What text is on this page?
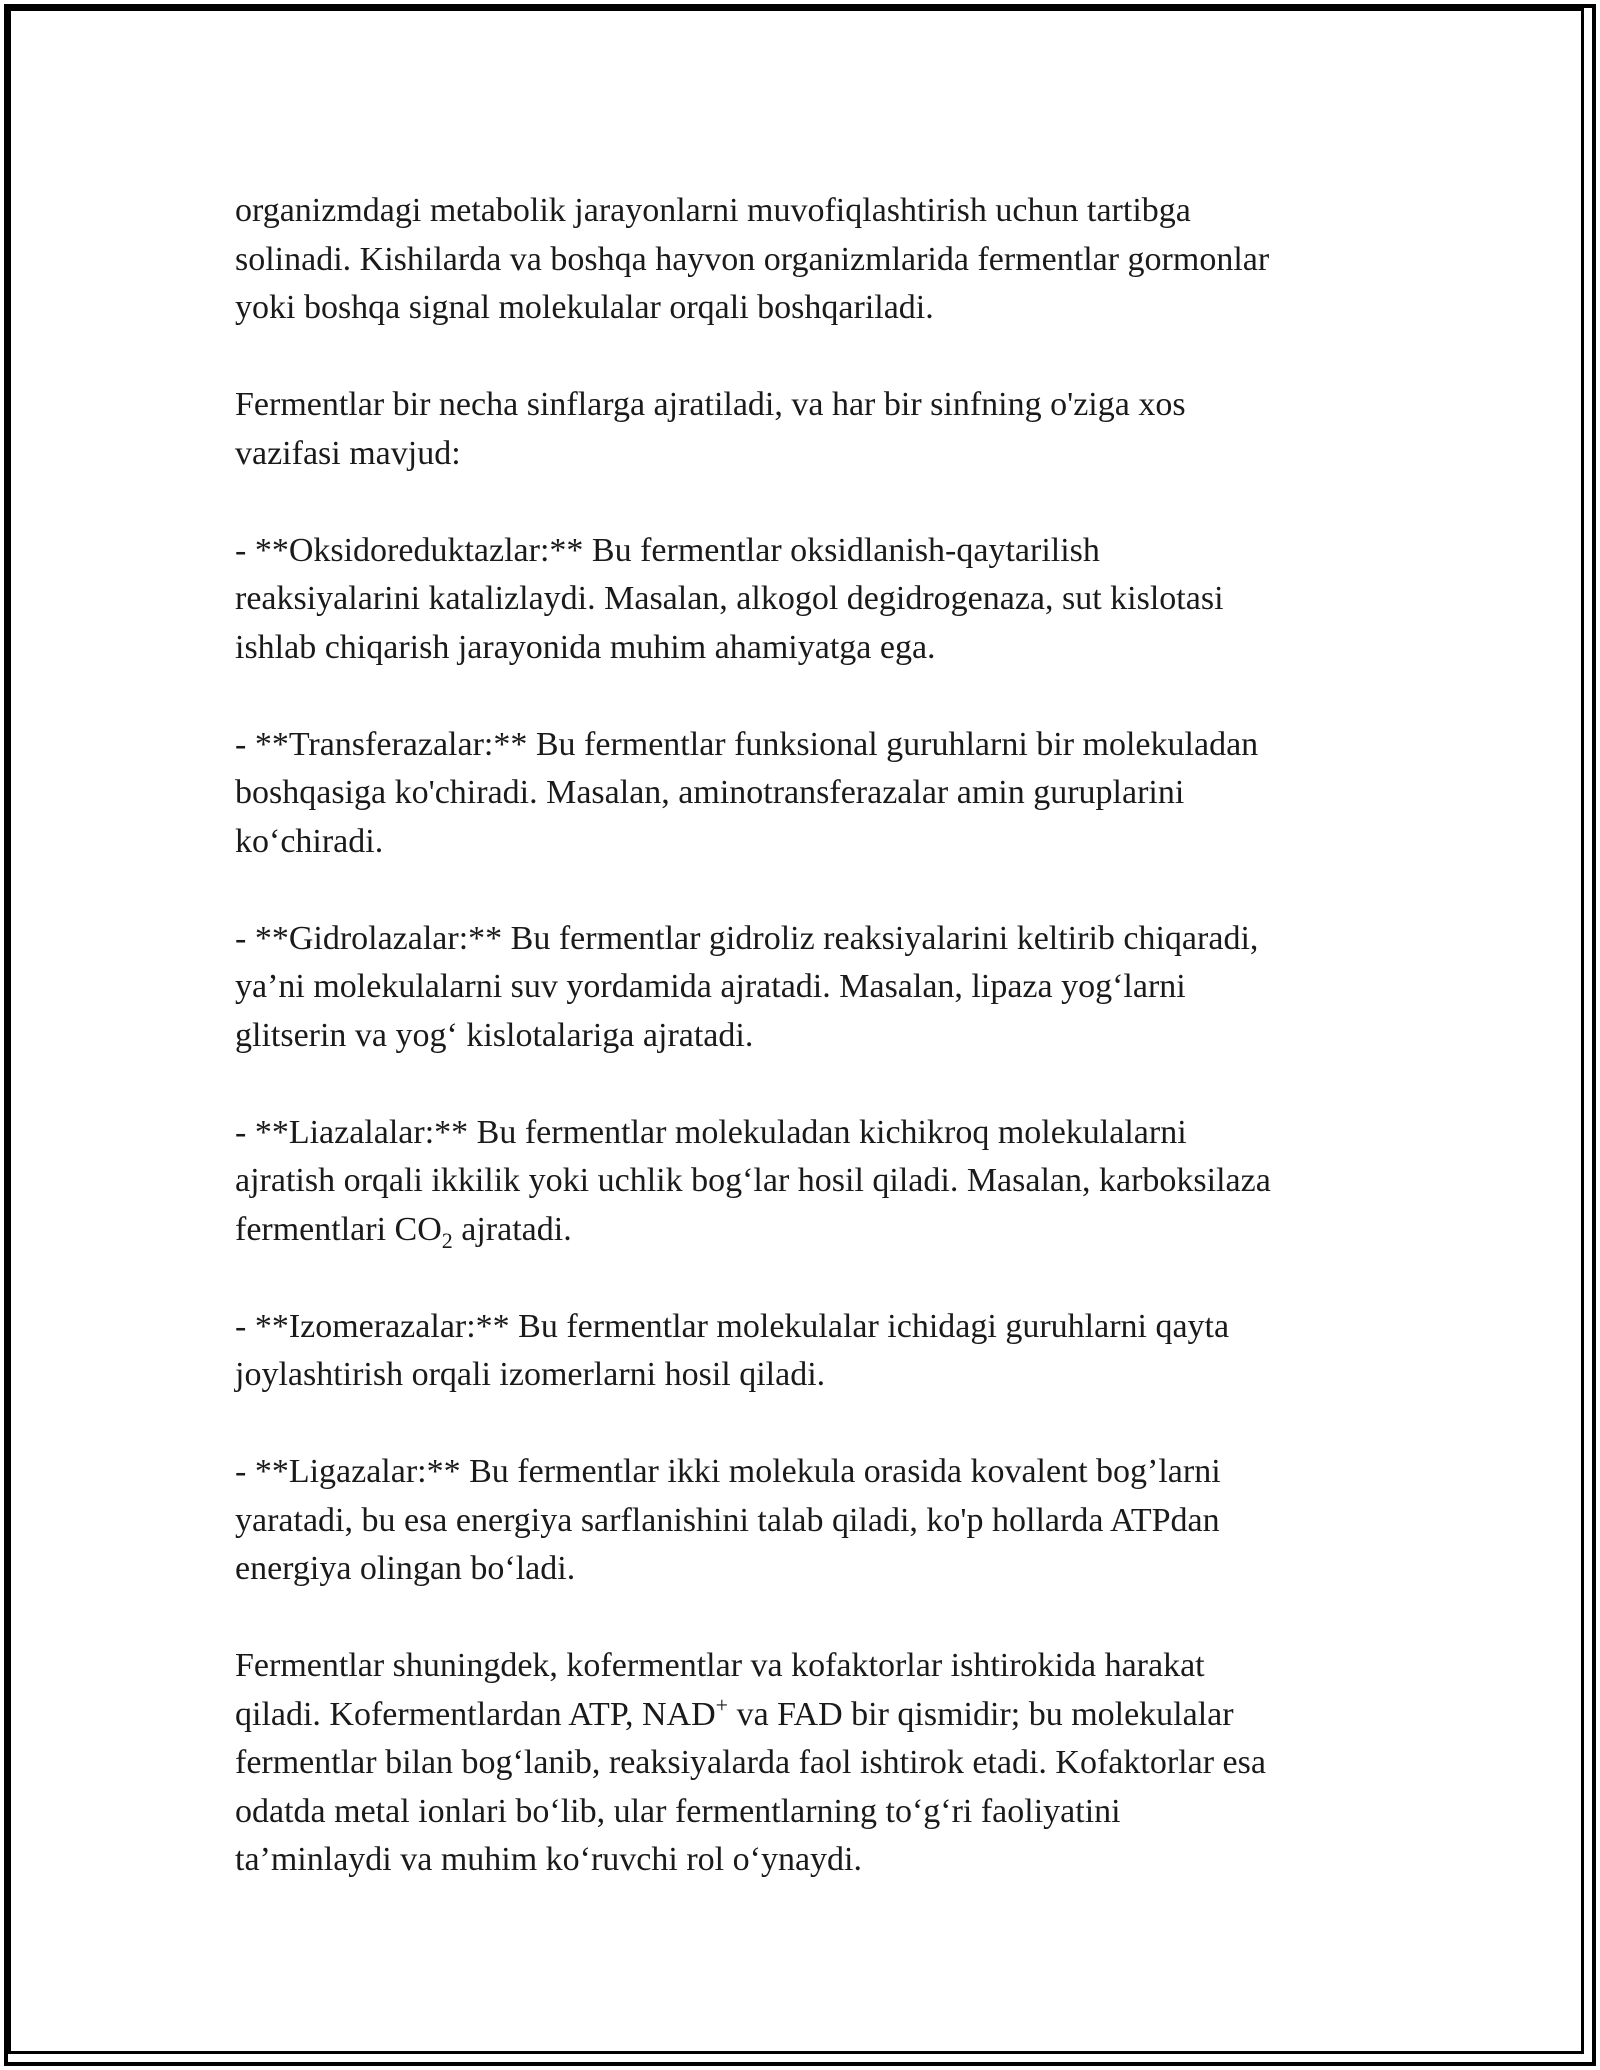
organizmdagi metabolik jarayonlarni muvofiqlashtirish uchun tartibga
solinadi. Kishilarda va boshqa hayvon organizmlarida fermentlar gormonlar
yoki boshqa signal molekulalar orqali boshqariladi.

Fermentlar bir necha sinflarga ajratiladi, va har bir sinfning o'ziga xos
vazifasi mavjud:

- **Oksidoreduktazlar:** Bu fermentlar oksidlanish-qaytarilish
reaksiyalarini katalizlaydi. Masalan, alkogol degidrogenaza, sut kislotasi
ishlab chiqarish jarayonida muhim ahamiyatga ega.

- **Transferazalar:** Bu fermentlar funksional guruhlarni bir molekuladan
boshqasiga ko'chiradi. Masalan, aminotransferazalar amin guruplarini
ko‘chiradi.

- **Gidrolazalar:** Bu fermentlar gidroliz reaksiyalarini keltirib chiqaradi,
ya’ni molekulalarni suv yordamida ajratadi. Masalan, lipaza yog‘larni
glitserin va yog‘ kislotalariga ajratadi.

- **Liazalalar:** Bu fermentlar molekuladan kichikroq molekulalarni
ajratish orqali ikkilik yoki uchlik bog‘lar hosil qiladi. Masalan, karboksilaza
fermentlari $CO_2$ ajratadi.

- **Izomerazalar:** Bu fermentlar molekulalar ichidagi guruhlarni qayta
joylashtirish orqali izomerlarni hosil qiladi.

- **Ligazalar:** Bu fermentlar ikki molekula orasida kovalent bog’larni
yaratadi, bu esa energiya sarflanishini talab qiladi, ko'p hollarda ATPdan
energiya olingan bo‘ladi.

Fermentlar shuningdek, kofermentlar va kofaktorlar ishtirokida harakat
qiladi. Kofermentlardan ATP, NAD+ va FAD bir qismidir; bu molekulalar
fermentlar bilan bog‘lanib, reaksiyalarda faol ishtirok etadi. Kofaktorlar esa
odatda metal ionlari bo‘lib, ular fermentlarning to‘g‘ri faoliyatini
ta’minlaydi va muhim ko‘ruvchi rol o‘ynaydi.
